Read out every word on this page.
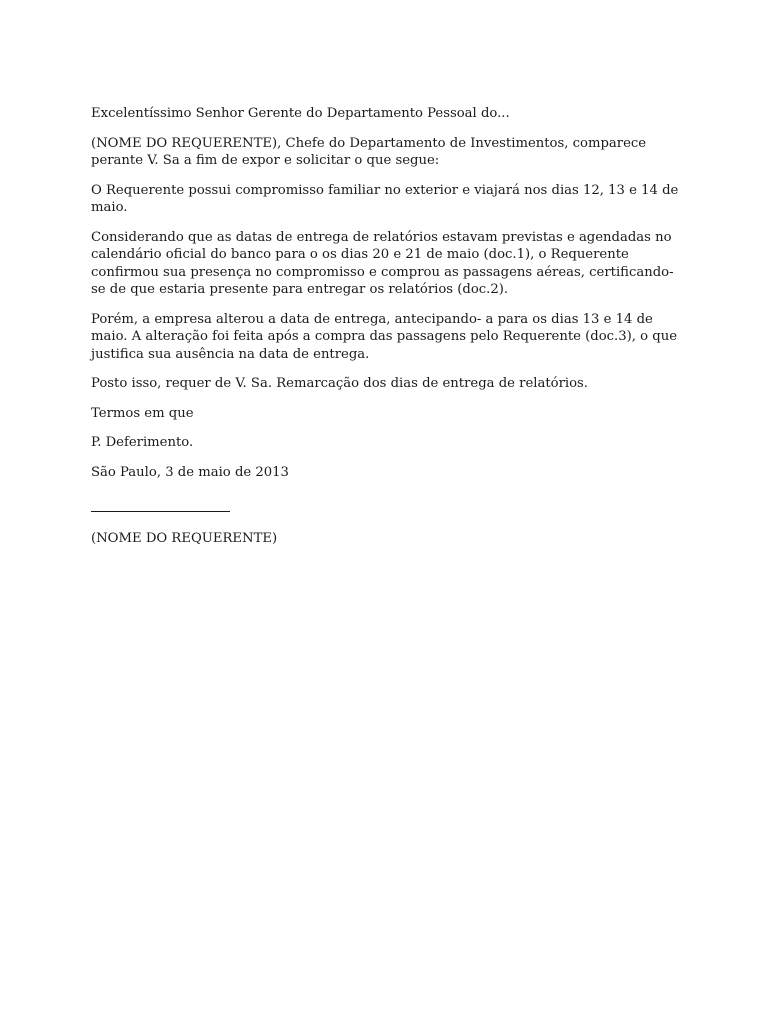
Excelentíssimo Senhor Gerente do Departamento Pessoal do...

(NOME DO REQUERENTE), Chefe do Departamento de Investimentos, comparece perante V. Sa a fim de expor e solicitar o que segue:

O Requerente possui compromisso familiar no exterior e viajará nos dias 12, 13 e 14 de maio.

Considerando que as datas de entrega de relatórios estavam previstas e agendadas no calendário oficial do banco para o os dias 20 e 21 de maio (doc.1), o Requerente confirmou sua presença no compromisso e comprou as passagens aéreas, certificando-se de que estaria presente para entregar os relatórios (doc.2).

Porém, a empresa alterou a data de entrega, antecipando- a para os dias 13 e 14 de maio. A alteração foi feita após a compra das passagens pelo Requerente (doc.3), o que justifica sua ausência na data de entrega.

Posto isso, requer de V. Sa. Remarcação dos dias de entrega de relatórios.

Termos em que

P. Deferimento.

São Paulo, 3 de maio de 2013

(NOME DO REQUERENTE)
